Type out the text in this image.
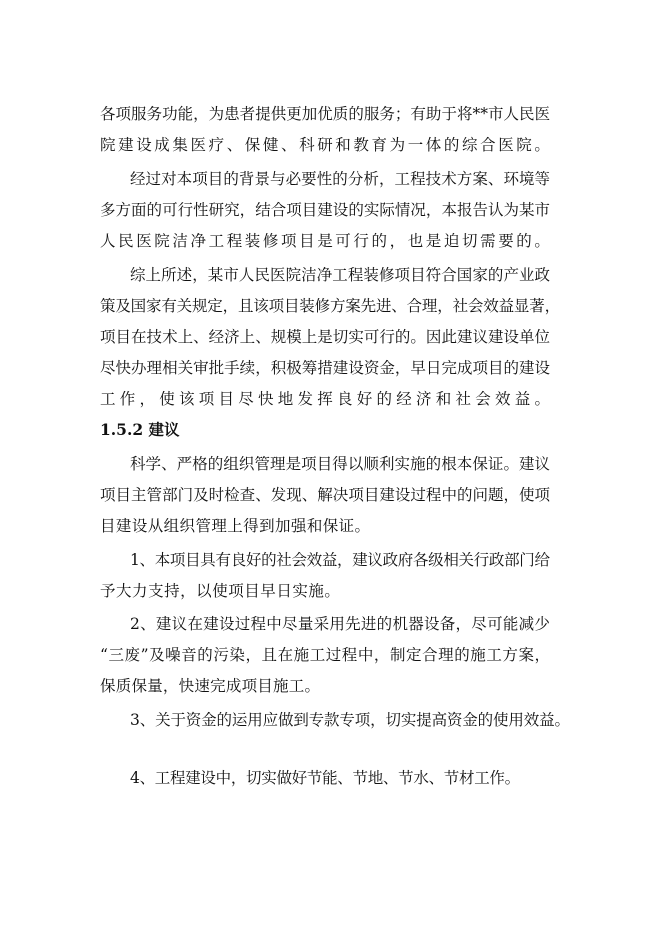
各项服务功能，为患者提供更加优质的服务；有助于将**市人民医
院建设成集医疗、保健、科研和教育为一体的综合医院。
经过对本项目的背景与必要性的分析，工程技术方案、环境等
多方面的可行性研究，结合项目建设的实际情况，本报告认为某市
人民医院洁净工程装修项目是可行的，也是迫切需要的。
综上所述，某市人民医院洁净工程装修项目符合国家的产业政
策及国家有关规定，且该项目装修方案先进、合理，社会效益显著，
项目在技术上、经济上、规模上是切实可行的。因此建议建设单位
尽快办理相关审批手续，积极筹措建设资金，早日完成项目的建设
工作，使该项目尽快地发挥良好的经济和社会效益。
1.5.2 建议
科学、严格的组织管理是项目得以顺利实施的根本保证。建议
项目主管部门及时检查、发现、解决项目建设过程中的问题，使项
目建设从组织管理上得到加强和保证。
1、本项目具有良好的社会效益，建议政府各级相关行政部门给
予大力支持，以使项目早日实施。
2、建议在建设过程中尽量采用先进的机器设备，尽可能减少
“三废”及噪音的污染，且在施工过程中，制定合理的施工方案，
保质保量，快速完成项目施工。
3、关于资金的运用应做到专款专项，切实提高资金的使用效益。
4、工程建设中，切实做好节能、节地、节水、节材工作。
